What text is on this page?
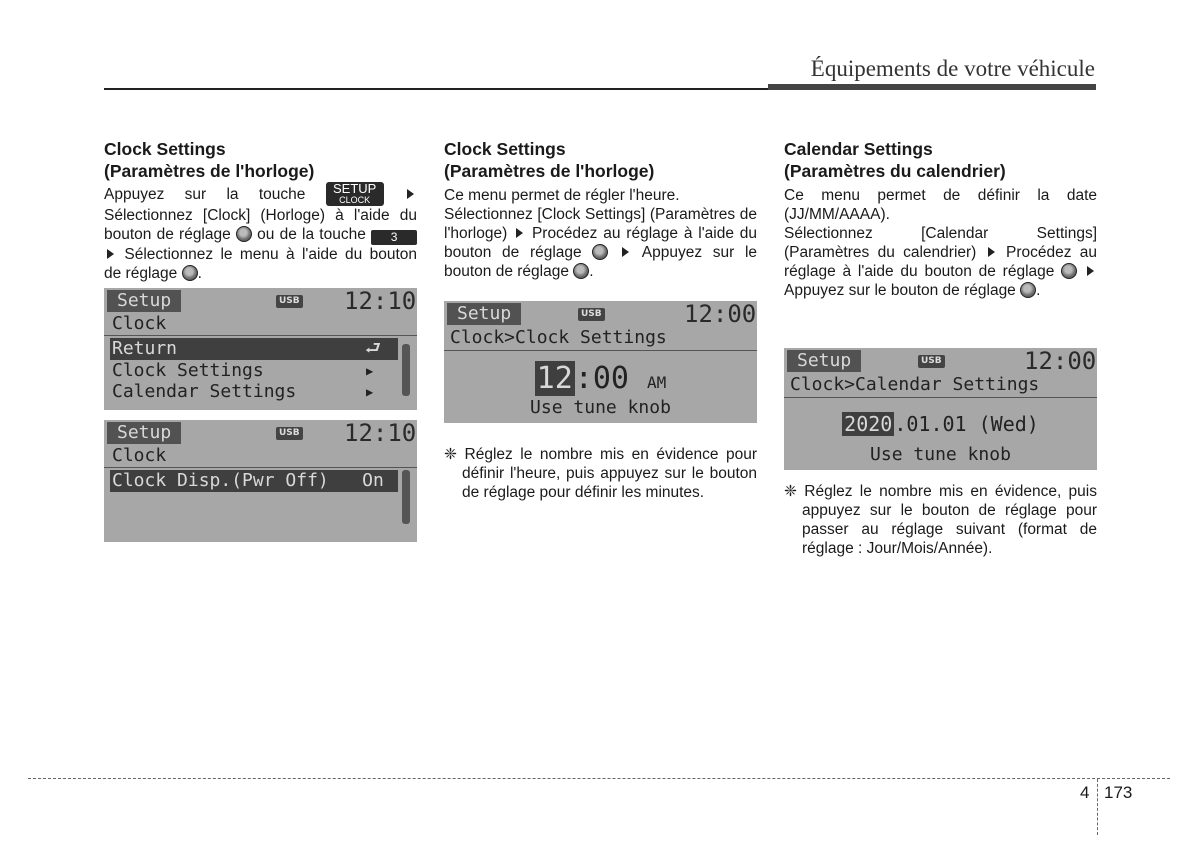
Équipements de votre véhicule

Clock Settings

(Paramètres de l'horloge)

Appuyez sur la touche SETUP
CLOCK
Sélectionnez [Clock] (Horloge) à l'aide du bouton de réglage ou de la touche 3  Sélectionnez le menu à l'aide du bouton de réglage .

Setup	USB 12:10
Clock
Return	⮐
Clock Settings	▶
Calendar Settings	▶
Setup	USB 12:10
Clock
Clock Disp.(Pwr Off)	On

Clock Settings

(Paramètres de l'horloge)

Ce menu permet de régler l'heure.

Sélectionnez [Clock Settings] (Paramètres de l'horloge) Procédez au réglage à l'aide du bouton de réglage	Appuyez sur le bouton de réglage .

Setup	USB	12:00
Clock>Clock Settings
12:00 AM
Use tune knob

❈ Réglez le nombre mis en évidence pour définir l'heure, puis appuyez sur le bouton de réglage pour définir les minutes.

Calendar Settings

(Paramètres du calendrier)

Ce menu permet de définir la date (JJ/MM/AAAA).

Sélectionnez [Calendar Settings] (Paramètres du calendrier) Procédez au réglage à l'aide du bouton de réglage   Appuyez sur le bouton de réglage .

Setup	USB	12:00
Clock>Calendar Settings
2020 .01.01 (Wed)
Use tune knob

❈ Réglez le nombre mis en évidence, puis appuyez sur le bouton de réglage pour passer au réglage suivant (format de réglage : Jour/Mois/Année).

4 173
